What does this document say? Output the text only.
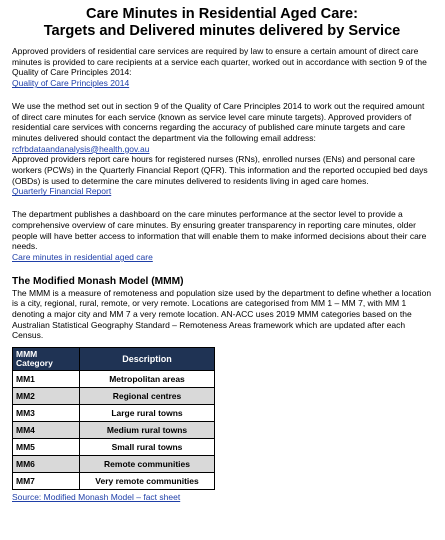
Care Minutes in Residential Aged Care:
Targets and Delivered minutes delivered by Service

Approved providers of residential care services are required by law to ensure a certain amount of direct care minutes is provided to care recipients at a service each quarter, worked out in accordance with section 9 of the Quality of Care Principles 2014:

Quality of Care Principles 2014

We use the method set out in section 9 of the Quality of Care Principles 2014 to work out the required amount of direct care minutes for each service (known as service level care minute targets). Approved providers of residential care services with concerns regarding the accuracy of published care minute targets and care minutes delivered should contact the department via the following email address:

rcfrbdataandanalysis@health.gov.au

Approved providers report care hours for registered nurses (RNs), enrolled nurses (ENs) and personal care workers (PCWs) in the Quarterly Financial Report (QFR). This information and the reported occupied bed days (OBDs) is used to determine the care minutes delivered to residents living in aged care homes.

Quarterly Financial Report

The department publishes a dashboard on the care minutes performance at the sector level to provide a comprehensive overview of care minutes. By ensuring greater transparency in reporting care minutes, older people will have better access to information that will enable them to make informed decisions about their care needs.

Care minutes in residential aged care
The Modified Monash Model (MMM)

The MMM is a measure of remoteness and population size used by the department to define whether a location is a city, regional, rural, remote, or very remote. Locations are categorised from MM 1 – MM 7, with MM 1 denoting a major city and MM 7 a very remote location. AN-ACC uses 2019 MMM categories based on the Australian Statistical Geography Standard – Remoteness Areas framework which are updated after each Census.

MMM Category	Description
MM1	Metropolitan areas
MM2	Regional centres
MM3	Large rural towns
MM4	Medium rural towns
MM5	Small rural towns
MM6	Remote communities
MM7	Very remote communities
Source: Modified Monash Model – fact sheet
